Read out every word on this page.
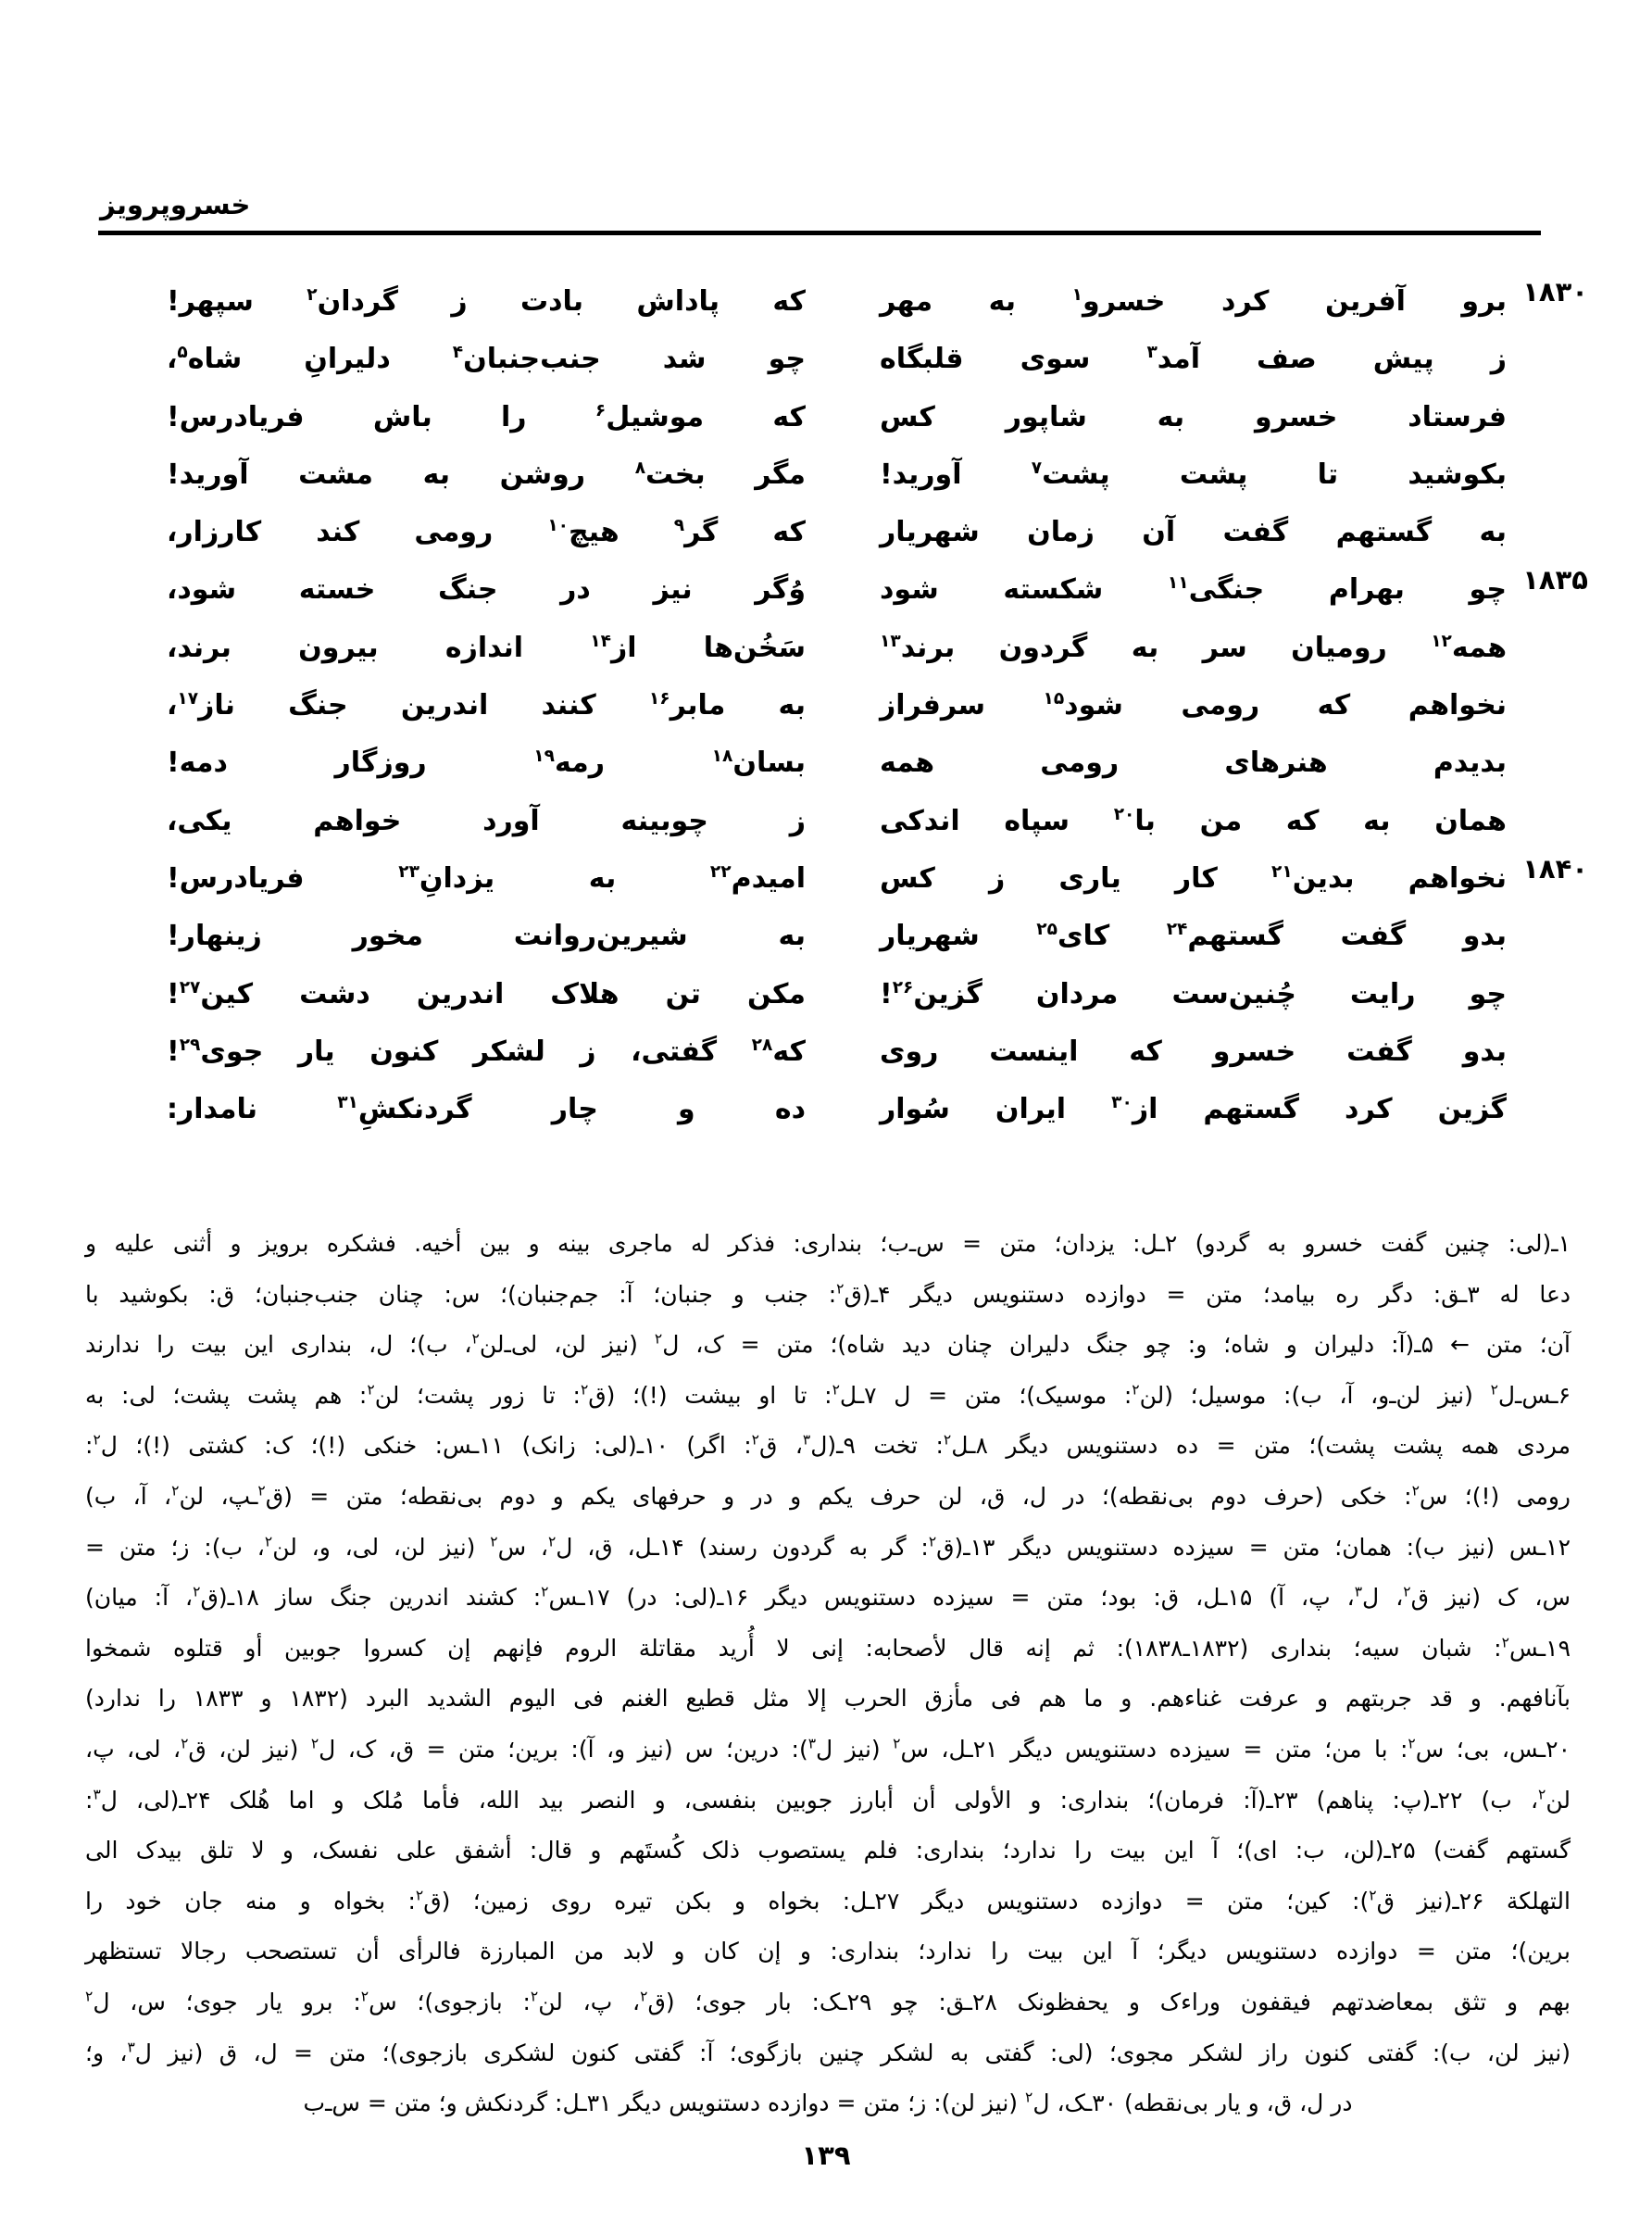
خسروپرویز
۱۸۳۰
برو آفرین کرد خسرو$^۱$ به مهر
که پاداش بادت ز گردان$^۲$ سپهر!
ز پیش صف آمد$^۳$ سوی قلبگاه
چو شد جنب‌جنبان$^۴$ دلیرانِ شاه$^۵$،
فرستاد خسرو به شاپور کس
که موشیل$^۶$ را باش فریادرس!
بکوشید تا پشت پشت$^۷$ آورید!
مگر بخت$^۸$ روشن به مشت آورید!
به گستهم گفت آن زمان شهریار
که گر$^۹$ هیچ$^{۱۰}$ رومی کند کارزار،
۱۸۳۵
چو بهرام جنگی$^{۱۱}$ شکسته شود
وُگر نیز در جنگ خسته شود،
همه$^{۱۲}$ رومیان سر به گردون برند$^{۱۳}$
سَخُن‌ها از$^{۱۴}$ اندازه بیرون برند،
نخواهم که رومی شود$^{۱۵}$ سرفراز
به مابر$^{۱۶}$ کنند اندرین جنگ ناز$^{۱۷}$،
بدیدم هنرهای رومی همه
بسان$^{۱۸}$ رمه$^{۱۹}$ روزگار دمه!
همان به که من با$^{۲۰}$ سپاه اندکی
ز چوبینه آورد خواهم یکی،
۱۸۴۰
نخواهم بدین$^{۲۱}$ کار یاری ز کس
امیدم$^{۲۲}$ به یزدانِ$^{۲۳}$ فریادرس!
بدو گفت گستهم$^{۲۴}$ کای$^{۲۵}$ شهریار
به شیرین‌روانت مخور زینهار!
چو رایت چُنین‌ست مردان گزین$^{۲۶}$!
مکن تن هلاک اندرین دشت کین$^{۲۷}$!
بدو گفت خسرو که اینست روی
که$^{۲۸}$ گفتی، ز لشکر کنون یار جوی$^{۲۹}$!
گزین کرد گستهم از$^{۳۰}$ ایران سُوار
ده و چار گردنکشِ$^{۳۱}$ نامدار:
۱ـ(لی: چنین گفت خسرو به گردو) ۲ـل: یزدان؛ متن = س‌ـ‌ب؛ بنداری: فذکر له ماجری بینه و بین أخیه. فشکره برویز و أثنی علیه و
دعا له ۳ـق: دگر ره بیامد؛ متن = دوازده دستنویس دیگر ۴ـ(ق$^۲$: جنب و جنبان؛ آ: جم‌جنبان)؛ س: چنان جنب‌جنبان؛ ق: بکوشید با
آن؛ متن ← ۵ـ(آ: دلیران و شاه؛ و: چو جنگ دلیران چنان دید شاه)؛ متن = ک، ل$^۲$ (نیز لن، لی‌ـ‌لن$^۲$، ب)؛ ل، بنداری این بیت را ندارند
۶ـس‌ـ‌ل$^۲$ (نیز لن‌ـ‌و، آ، ب): موسیل؛ (لن$^۲$: موسیک)؛ متن = ل ۷ـل$^۲$: تا او بیشت (!)؛ (ق$^۲$: تا زور پشت؛ لن$^۲$: هم پشت پشت؛ لی: به
مردی همه پشت پشت)؛ متن = ده دستنویس دیگر ۸ـل$^۲$: تخت ۹ـ(ل$^۳$، ق$^۲$: اگر) ۱۰ـ(لی: زانک) ۱۱ـس: خنکی (!)؛ ک: کشتی (!)؛ ل$^۲$:
رومی (!)؛ س$^۲$: خکی (حرف دوم بی‌نقطه)؛ در ل، ق، لن حرف یکم و در و حرفهای یکم و دوم بی‌نقطه؛ متن = (ق$^۲$ـپ، لن$^۲$، آ، ب)
۱۲ـس (نیز ب): همان؛ متن = سیزده دستنویس دیگر ۱۳ـ(ق$^۲$: گر به گردون رسند) ۱۴ـل، ق، ل$^۲$، س$^۲$ (نیز لن، لی، و، لن$^۲$، ب): ز؛ متن =
س، ک (نیز ق$^۲$، ل$^۳$، پ، آ) ۱۵ـل، ق: بود؛ متن = سیزده دستنویس دیگر ۱۶ـ(لی: در) ۱۷ـس$^۲$: کشند اندرین جنگ ساز ۱۸ـ(ق$^۲$، آ: میان)
۱۹ـس$^۲$: شبان سیه؛ بنداری (۱۸۳۲ـ۱۸۳۸): ثم إنه قال لأصحابه: إنی لا أُرید مقاتلة الروم فإنهم إن کسروا جوبین أو قتلوه شمخوا
بآنافهم. و قد جربتهم و عرفت غناءهم. و ما هم فی مأزق الحرب إلا مثل قطیع الغنم فی الیوم الشدید البرد (۱۸۳۲ و ۱۸۳۳ را ندارد)
۲۰ـس، بی؛ س$^۲$: با من؛ متن = سیزده دستنویس دیگر ۲۱ـل، س$^۲$ (نیز ل$^۳$): درین؛ س (نیز و، آ): برین؛ متن = ق، ک، ل$^۲$ (نیز لن، ق$^۲$، لی، پ،
لن$^۲$، ب) ۲۲ـ(پ: پناهم) ۲۳ـ(آ: فرمان)؛ بنداری: و الأولی أن أبارز جوبین بنفسی، و النصر بید الله، فأما مُلک و اما هُلک ۲۴ـ(لی، ل$^۳$:
گستهم گفت) ۲۵ـ(لن، ب: ای)؛ آ این بیت را ندارد؛ بنداری: فلم یستصوب ذلک کُستَهم و قال: أشفق علی نفسک، و لا تلق بیدک الی
التهلکة ۲۶ـ(نیز ق$^۲$): کین؛ متن = دوازده دستنویس دیگر ۲۷ـل: بخواه و بکن تیره روی زمین؛ (ق$^۲$: بخواه و منه جان خود را
برین)؛ متن = دوازده دستنویس دیگر؛ آ این بیت را ندارد؛ بنداری: و إن کان و لابد من المبارزة فالرأی أن تستصحب رجالا تستظهر
بهم و تثق بمعاضدتهم فیقفون وراءک و یحفظونک ۲۸ـق: چو ۲۹ـک: بار جوی؛ (ق$^۲$، پ، لن$^۲$: بازجوی)؛ س$^۲$: برو یار جوی؛ س، ل$^۲$
(نیز لن، ب): گفتی کنون راز لشکر مجوی؛ (لی: گفتی به لشکر چنین بازگوی؛ آ: گفتی کنون لشکری بازجوی)؛ متن = ل، ق (نیز ل$^۳$، و؛
در ل، ق، و یار بی‌نقطه) ۳۰ـک، ل$^۲$ (نیز لن): ز؛ متن = دوازده دستنویس دیگر ۳۱ـل: گردنکش و؛ متن = س‌ـ‌ب
۱۳۹
